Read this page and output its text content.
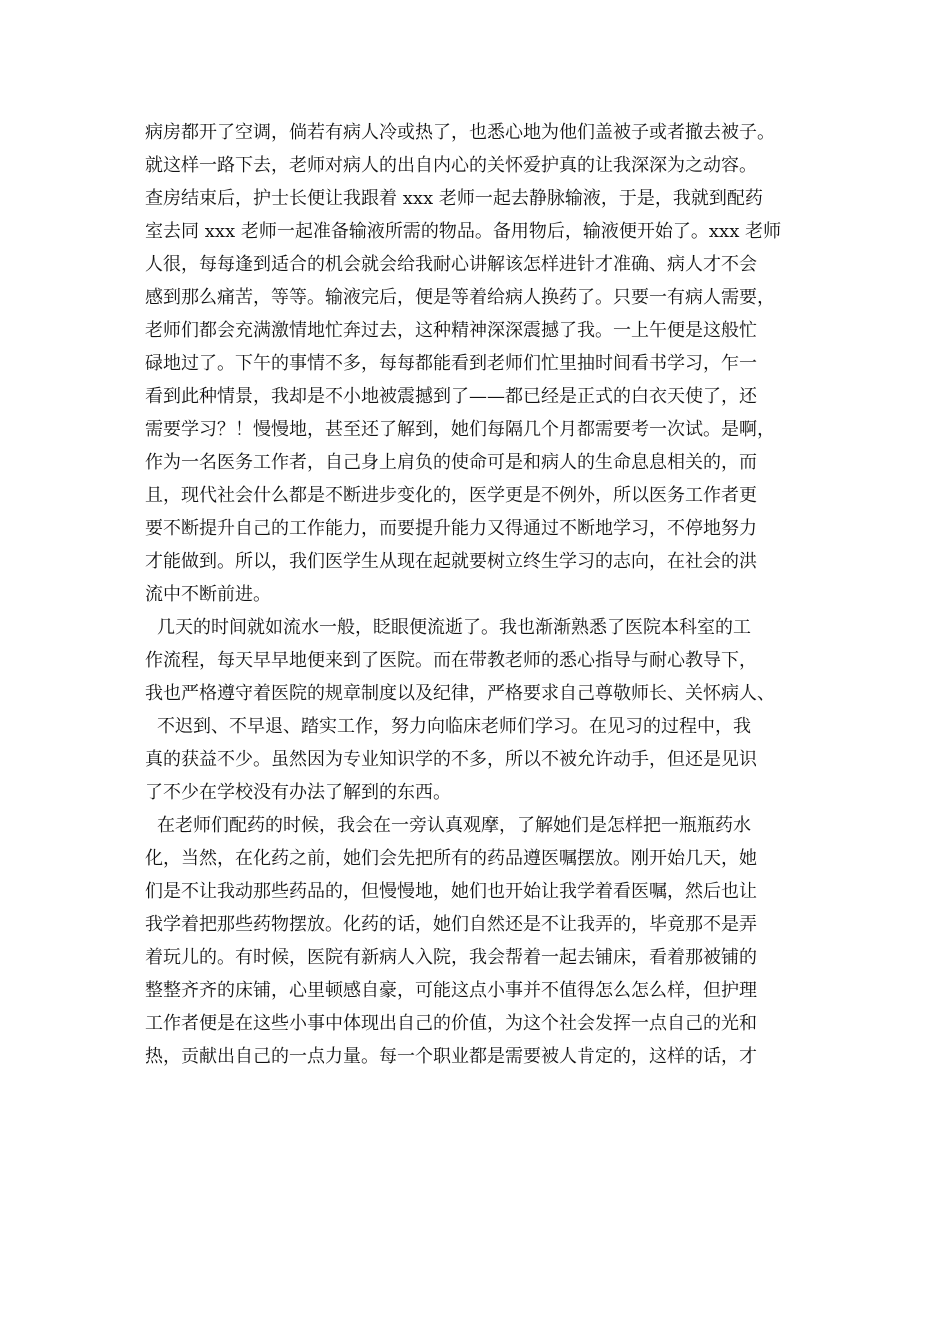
病房都开了空调，倘若有病人冷或热了，也悉心地为他们盖被子或者撤去被子。
就这样一路下去，老师对病人的出自内心的关怀爱护真的让我深深为之动容。
查房结束后，护士长便让我跟着 xxx 老师一起去静脉输液，于是，我就到配药
室去同 xxx 老师一起准备输液所需的物品。备用物后，输液便开始了。xxx 老师
人很，每每逢到适合的机会就会给我耐心讲解该怎样进针才准确、病人才不会
感到那么痛苦，等等。输液完后，便是等着给病人换药了。只要一有病人需要，
老师们都会充满激情地忙奔过去，这种精神深深震撼了我。一上午便是这般忙
碌地过了。下午的事情不多，每每都能看到老师们忙里抽时间看书学习，乍一
看到此种情景，我却是不小地被震撼到了——都已经是正式的白衣天使了，还
需要学习？！慢慢地，甚至还了解到，她们每隔几个月都需要考一次试。是啊，
作为一名医务工作者，自己身上肩负的使命可是和病人的生命息息相关的，而
且，现代社会什么都是不断进步变化的，医学更是不例外，所以医务工作者更
要不断提升自己的工作能力，而要提升能力又得通过不断地学习，不停地努力
才能做到。所以，我们医学生从现在起就要树立终生学习的志向，在社会的洪
流中不断前进。
几天的时间就如流水一般，眨眼便流逝了。我也渐渐熟悉了医院本科室的工
作流程，每天早早地便来到了医院。而在带教老师的悉心指导与耐心教导下，
我也严格遵守着医院的规章制度以及纪律，严格要求自己尊敬师长、关怀病人、
不迟到、不早退、踏实工作，努力向临床老师们学习。在见习的过程中，我
真的获益不少。虽然因为专业知识学的不多，所以不被允许动手，但还是见识
了不少在学校没有办法了解到的东西。
在老师们配药的时候，我会在一旁认真观摩，了解她们是怎样把一瓶瓶药水
化，当然，在化药之前，她们会先把所有的药品遵医嘱摆放。刚开始几天，她
们是不让我动那些药品的，但慢慢地，她们也开始让我学着看医嘱，然后也让
我学着把那些药物摆放。化药的话，她们自然还是不让我弄的，毕竟那不是弄
着玩儿的。有时候，医院有新病人入院，我会帮着一起去铺床，看着那被铺的
整整齐齐的床铺，心里顿感自豪，可能这点小事并不值得怎么怎么样，但护理
工作者便是在这些小事中体现出自己的价值，为这个社会发挥一点自己的光和
热，贡献出自己的一点力量。每一个职业都是需要被人肯定的，这样的话，才
